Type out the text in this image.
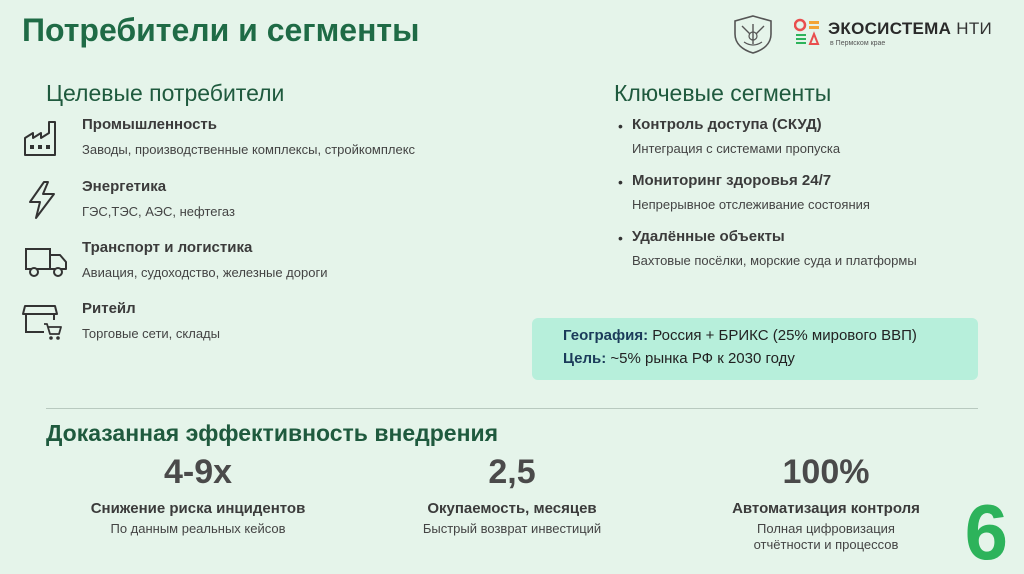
Потребители и сегменты	ЭКОСИСТЕМА НТИ
в Пермском крае
Целевые потребители
Промышленность
Заводы, производственные комплексы, стройкомплекс
Энергетика
ГЭС,ТЭС, АЭС, нефтегаз
Транспорт и логистика
Авиация, судоходство, железные дороги
Ритейл
Торговые сети, склады
Ключевые сегменты
• Контроль доступа (СКУД)
Интеграция с системами пропуска
• Мониторинг здоровья 24/7
Непрерывное отслеживание состояния
• Удалённые объекты
Вахтовые посёлки, морские суда и платформы
География: Россия + БРИКС (25% мирового ВВП)
Цель: ~5% рынка РФ к 2030 году
Доказанная эффективность внедрения
4-9x
Снижение риска инцидентов
По данным реальных кейсов
2,5
Окупаемость, месяцев
Быстрый возврат инвестиций
100%
Автоматизация контроля
Полная цифровизация отчётности и процессов 6
